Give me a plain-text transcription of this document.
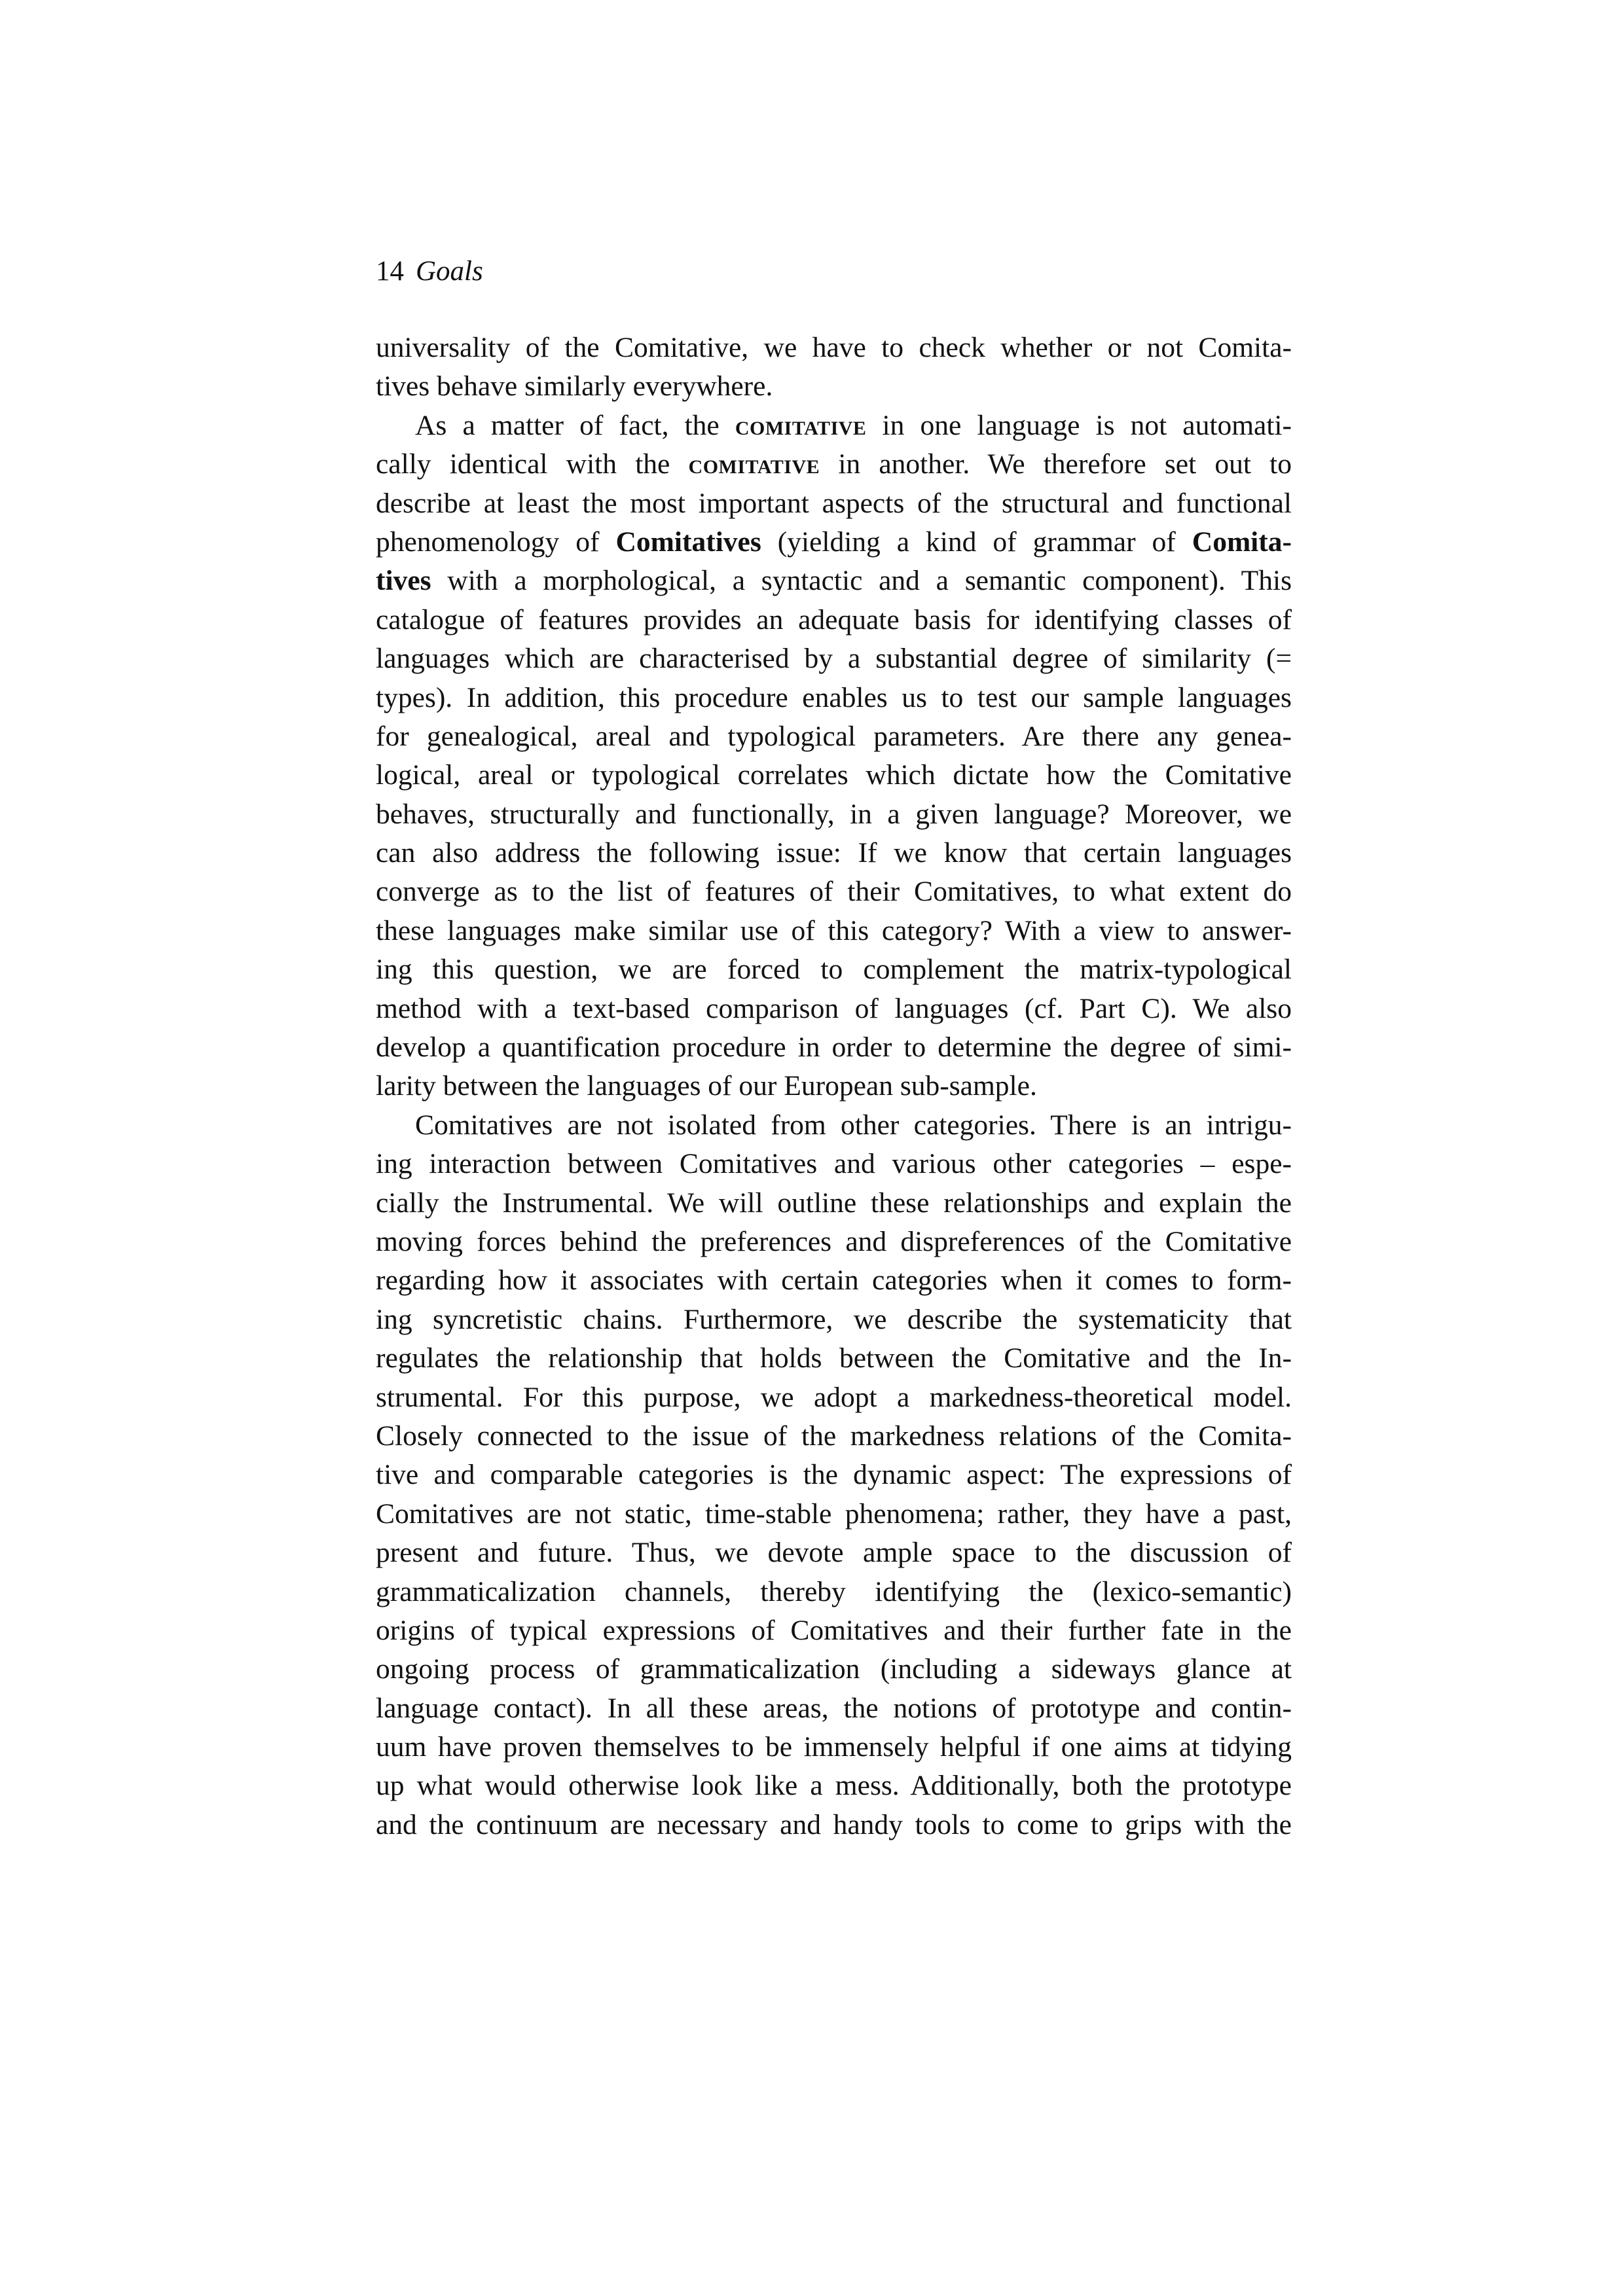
14 Goals
universality of the Comitative, we have to check whether or not Comita-
tives behave similarly everywhere.
As a matter of fact, the comitative in one language is not automati-
cally identical with the comitative in another. We therefore set out to
describe at least the most important aspects of the structural and functional
phenomenology of Comitatives (yielding a kind of grammar of Comita-
tives with a morphological, a syntactic and a semantic component). This
catalogue of features provides an adequate basis for identifying classes of
languages which are characterised by a substantial degree of similarity (=
types). In addition, this procedure enables us to test our sample languages
for genealogical, areal and typological parameters. Are there any genea-
logical, areal or typological correlates which dictate how the Comitative
behaves, structurally and functionally, in a given language? Moreover, we
can also address the following issue: If we know that certain languages
converge as to the list of features of their Comitatives, to what extent do
these languages make similar use of this category? With a view to answer-
ing this question, we are forced to complement the matrix-typological
method with a text-based comparison of languages (cf. Part C). We also
develop a quantification procedure in order to determine the degree of simi-
larity between the languages of our European sub-sample.
Comitatives are not isolated from other categories. There is an intrigu-
ing interaction between Comitatives and various other categories – espe-
cially the Instrumental. We will outline these relationships and explain the
moving forces behind the preferences and dispreferences of the Comitative
regarding how it associates with certain categories when it comes to form-
ing syncretistic chains. Furthermore, we describe the systematicity that
regulates the relationship that holds between the Comitative and the In-
strumental. For this purpose, we adopt a markedness-theoretical model.
Closely connected to the issue of the markedness relations of the Comita-
tive and comparable categories is the dynamic aspect: The expressions of
Comitatives are not static, time-stable phenomena; rather, they have a past,
present and future. Thus, we devote ample space to the discussion of
grammaticalization channels, thereby identifying the (lexico-semantic)
origins of typical expressions of Comitatives and their further fate in the
ongoing process of grammaticalization (including a sideways glance at
language contact). In all these areas, the notions of prototype and contin-
uum have proven themselves to be immensely helpful if one aims at tidying
up what would otherwise look like a mess. Additionally, both the prototype
and the continuum are necessary and handy tools to come to grips with the
